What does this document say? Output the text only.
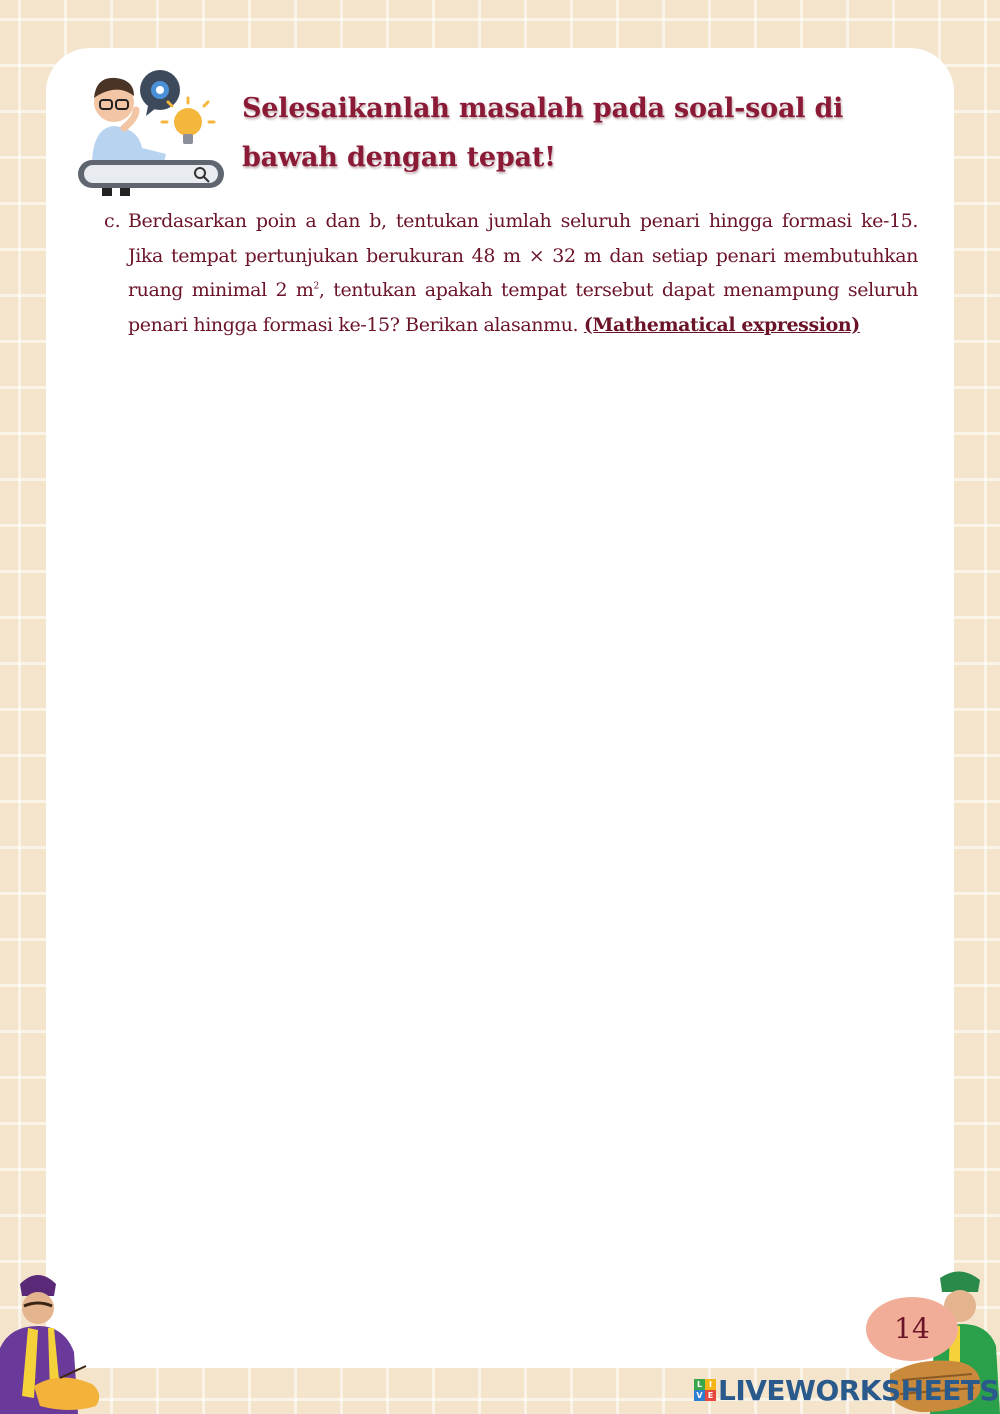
Selesaikanlah masalah pada soal-soal di bawah dengan tepat!
c. Berdasarkan poin a dan b, tentukan jumlah seluruh penari hingga formasi ke-15. Jika tempat pertunjukan berukuran 48 m × 32 m dan setiap penari membutuhkan ruang minimal 2 $m^2$, tentukan apakah tempat tersebut dapat menampung seluruh penari hingga formasi ke-15? Berikan alasanmu. (Mathematical expression)

14
L I
V E LIVEWORKSHEETS
